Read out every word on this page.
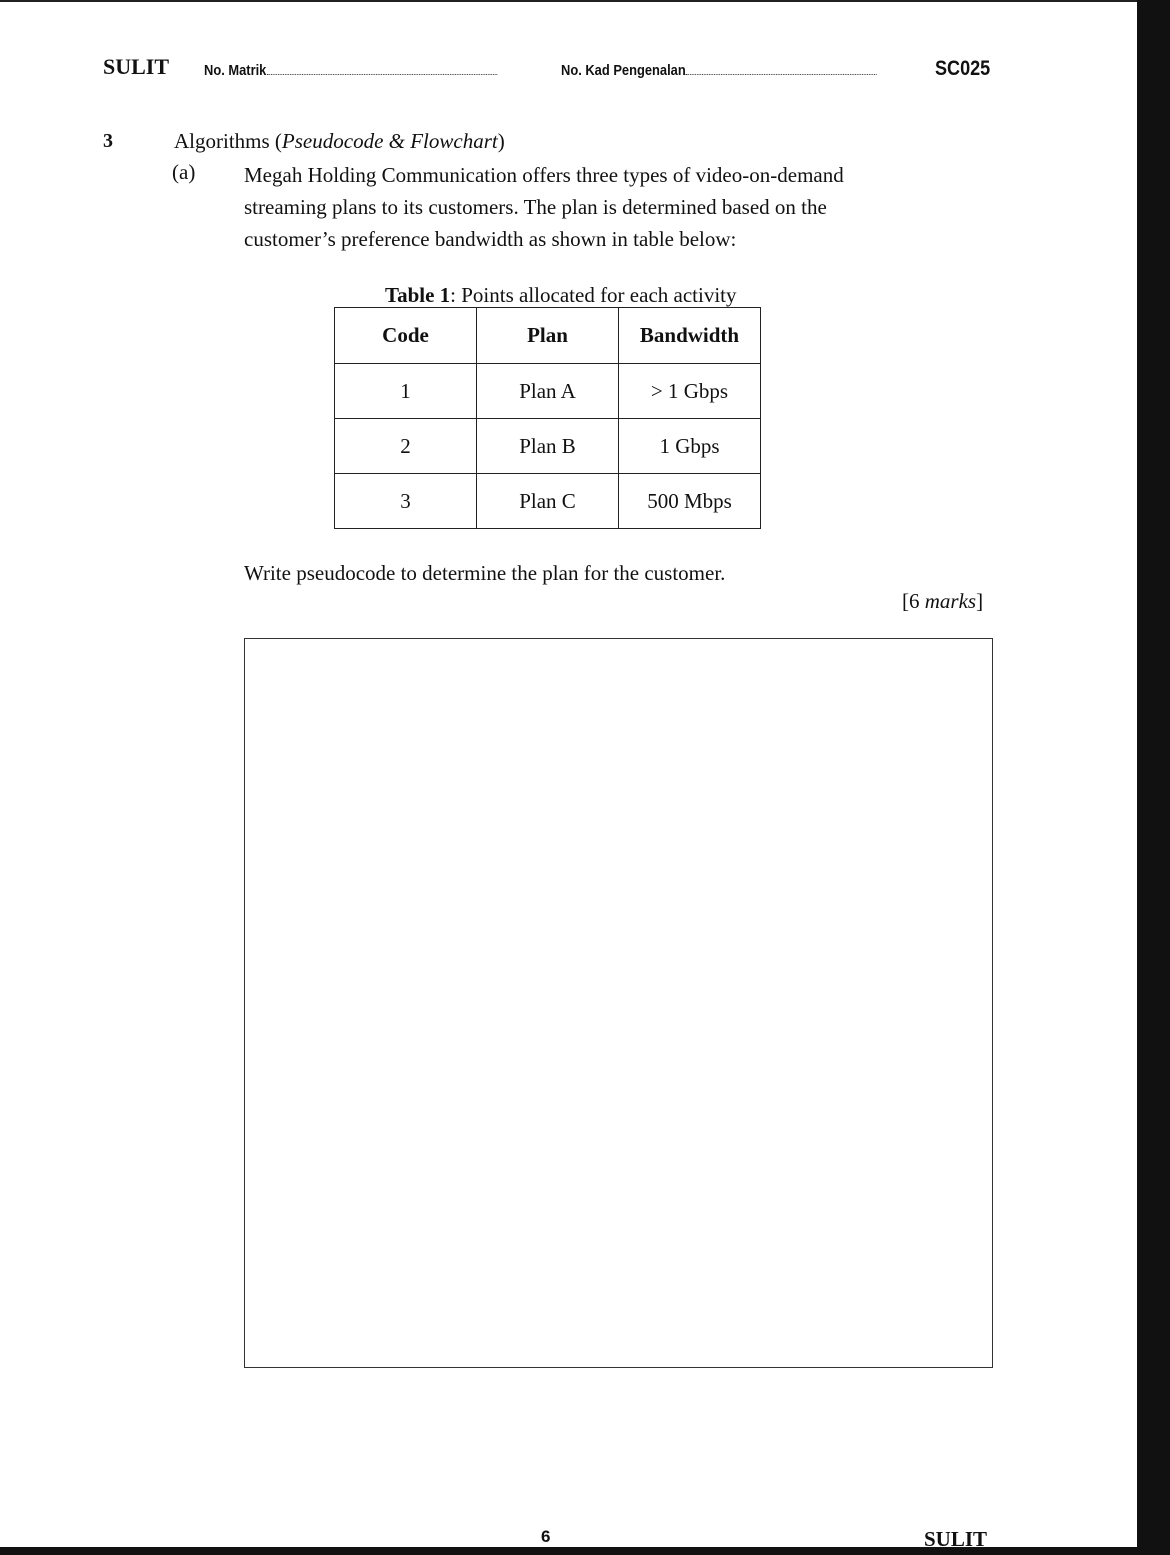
SULIT No. Matrik	No. Kad Pengenalan	SC025
3	Algorithms (Pseudocode & Flowchart)
(a) Megah Holding Communication offers three types of video-on-demand
streaming plans to its customers. The plan is determined based on the
customer’s preference bandwidth as shown in table below:
Table 1: Points allocated for each activity
Code	Plan	Bandwidth
1	Plan A	> 1 Gbps
2	Plan B	1 Gbps
3	Plan C	500 Mbps
Write pseudocode to determine the plan for the customer.
[6 marks]
6	SULIT
